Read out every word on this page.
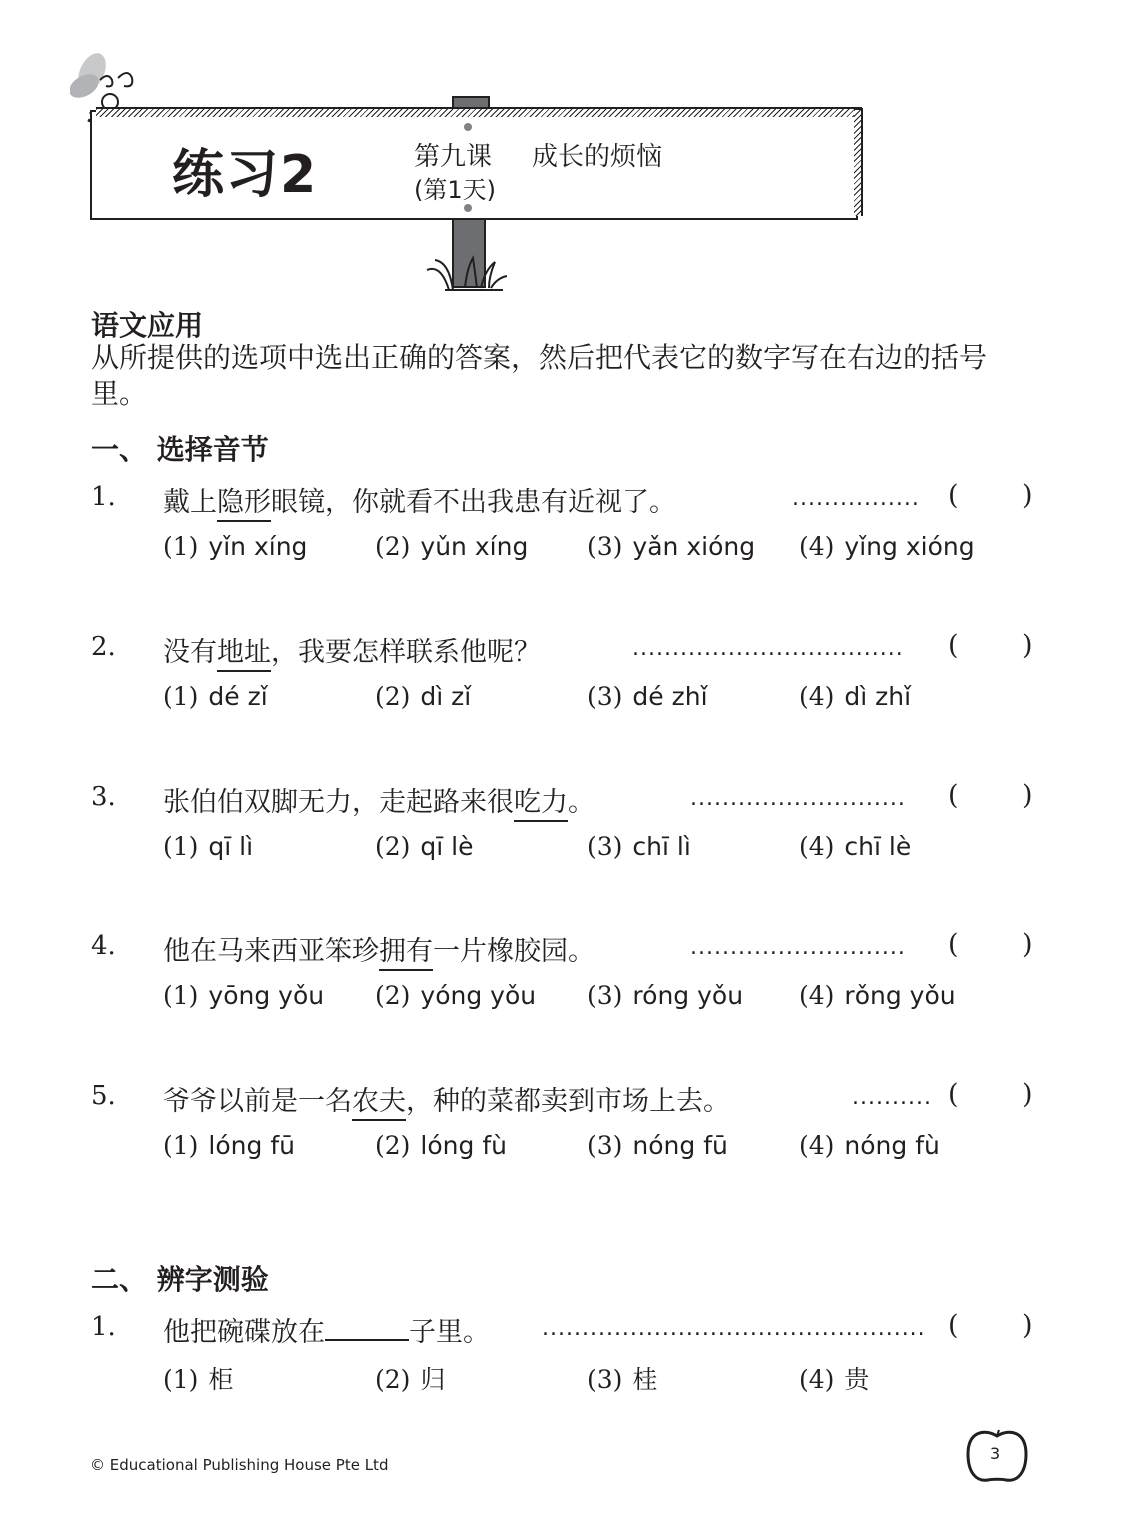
练习2	第九课 成长的烦恼
(第1天)
语文应用
从所提供的选项中选出正确的答案，然后把代表它的数字写在右边的括号里。
一、 选择音节
1. 戴上隐形眼镜，你就看不出我患有近视了。	................	( )
(1) yǐn xíng	(2) yǔn xíng (3) yǎn xióng (4) yǐng xióng
2. 没有地址，我要怎样联系他呢？	..................................	( )
(1) dé zǐ	(2) dì zǐ	(3) dé zhǐ	(4) dì zhǐ
3. 张伯伯双脚无力，走起路来很吃力。	...........................	( )
(1) qī lì	(2) qī lè	(3) chī lì	(4) chī lè
4. 他在马来西亚笨珍拥有一片橡胶园。	...........................	( )
(1) yōng yǒu (2) yóng yǒu (3) róng yǒu (4) rǒng yǒu
5. 爷爷以前是一名农夫，种的菜都卖到市场上去。	.......... ( )
(1) lóng fū	(2) lóng fù	(3) nóng fū	(4) nóng fù
二、 辨字测验
1. 他把碗碟放在	子里。 ................................................ ( )
(1) 柜	(2) 归	(3) 桂	(4) 贵
© Educational Publishing House Pte Ltd
3
